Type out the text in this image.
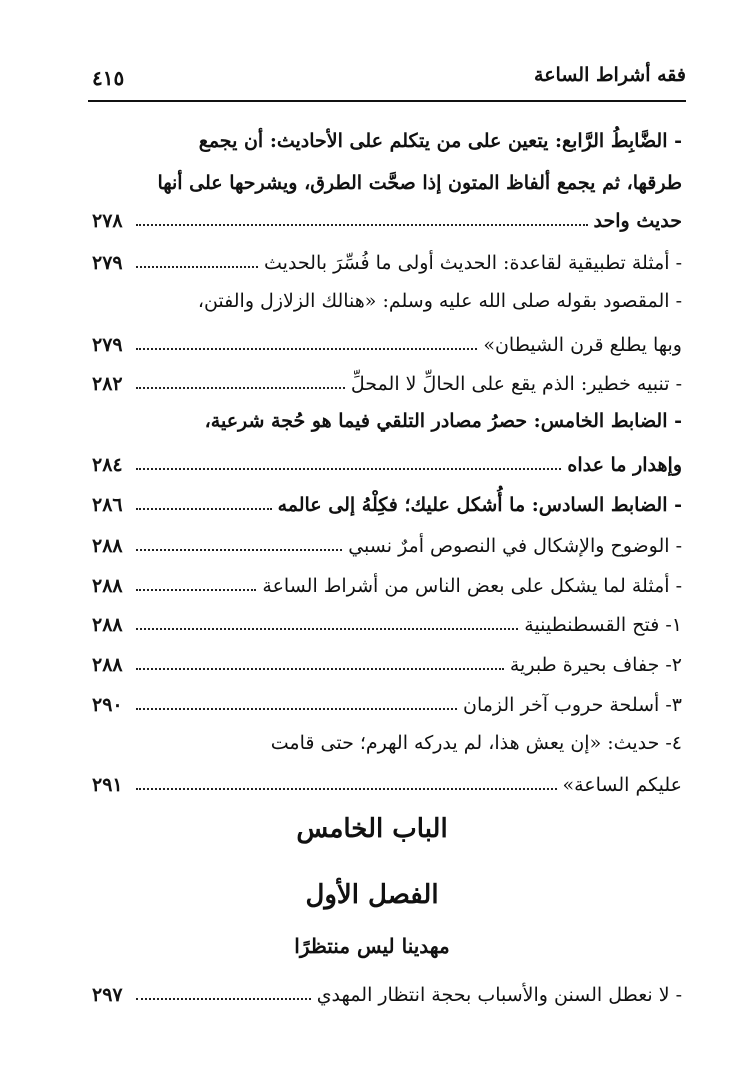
٤١٥	فقه أشراط الساعة
- الضَّابِطُ الرَّابع: يتعين على من يتكلم على الأحاديث: أن يجمع
طرقها، ثم يجمع ألفاظ المتون إذا صحَّت الطرق، ويشرحها على أنها
حديث واحد
٢٧٨
- أمثلة تطبيقية لقاعدة: الحديث أولى ما فُسِّرَ بالحديث
٢٧٩
- المقصود بقوله صلى الله عليه وسلم: «هنالك الزلازل والفتن،
وبها يطلع قرن الشيطان»
٢٧٩
- تنبيه خطير: الذم يقع على الحالِّ لا المحلِّ
٢٨٢
- الضابط الخامس: حصرُ مصادر التلقي فيما هو حُجة شرعية،
وإهدار ما عداه
٢٨٤
- الضابط السادس: ما أُشكل عليك؛ فكِلْهُ إلى عالمه
٢٨٦
- الوضوح والإشكال في النصوص أمرٌ نسبي
٢٨٨
- أمثلة لما يشكل على بعض الناس من أشراط الساعة
٢٨٨
١- فتح القسطنطينية
٢٨٨
٢- جفاف بحيرة طبرية
٢٨٨
٣- أسلحة حروب آخر الزمان
٢٩٠
٤- حديث: «إن يعش هذا، لم يدركه الهرم؛ حتى قامت
عليكم الساعة»
٢٩١
الباب الخامس
الفصل الأول
مهدينا ليس منتظرًا
- لا نعطل السنن والأسباب بحجة انتظار المهدي
٢٩٧
